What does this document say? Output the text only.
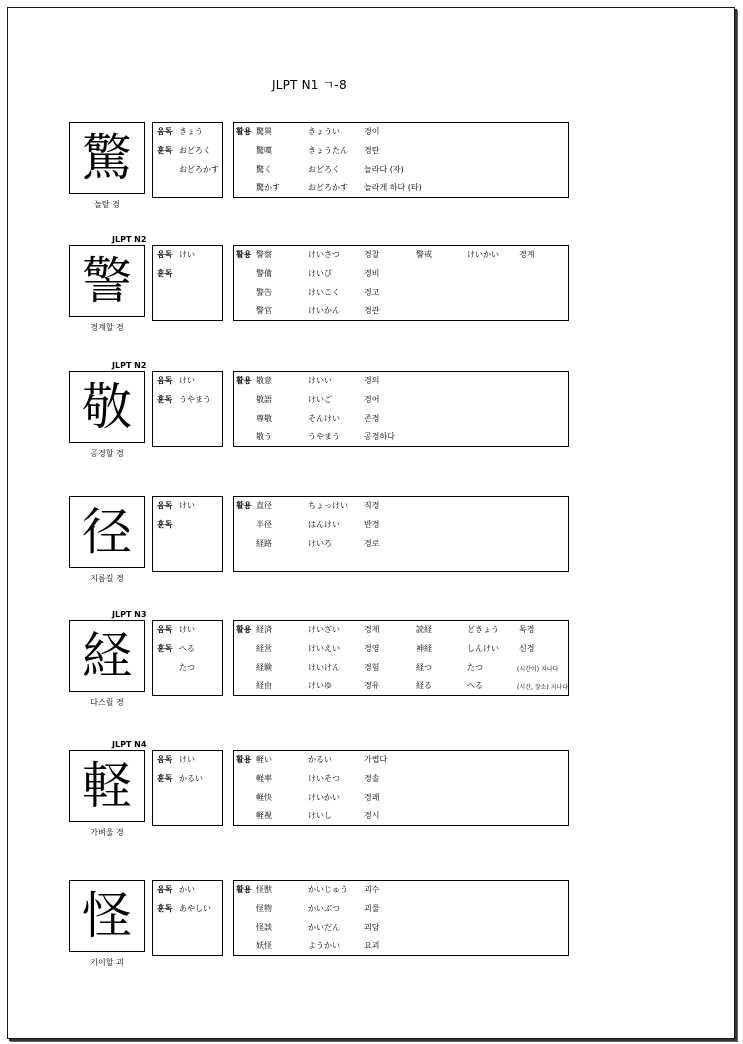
JLPT N1 ㄱ-8
驚
놀랄 경
음독 きょう
훈독 おどろく
おどろかす
활용 驚異	きょうい	경이
驚嘆	きょうたん 경탄
驚く	おどろく	놀라다 (자)
驚かす	おどろかす 놀라게 하다 (타)
JLPT N2
警
경계할 경
음독 けい
훈독
활용 警察	けいさつ	경찰	警戒	けいかい	경계
警備	けいび	경비
警告	けいこく	경고
警官	けいかん	경관
JLPT N2
敬
공경할 경
음독 けい
훈독 うやまう
활용 敬意	けいい	경의
敬語	けいご	경어
尊敬	そんけい	존경
敬う	うやまう	공경하다
径
지름길 경
음독 けい
훈독
활용 直径	ちょっけい 직경
半径	はんけい	반경
経路	けいろ	경로
JLPT N3
経
다스릴 경
음독 けい
훈독 へる
たつ
활용 経済	けいざい	경제	読経	どきょう	독경
経営	けいえい	경영	神経	しんけい	신경
経験	けいけん	경험	経つ	たつ	(시간이) 지나다
経由	けいゆ	경유	経る	へる	(시간, 장소) 지나다
JLPT N4
軽
가벼울 경
음독 けい
훈독 かるい
활용 軽い	かるい	가볍다
軽率	けいそつ	경솔
軽快	けいかい	경쾌
軽視	けいし	경시
怪
기이할 괴
음독 かい
훈독 あやしい
활용 怪獣	かいじゅう 괴수
怪物	かいぶつ	괴물
怪談	かいだん	괴담
妖怪	ようかい	요괴
